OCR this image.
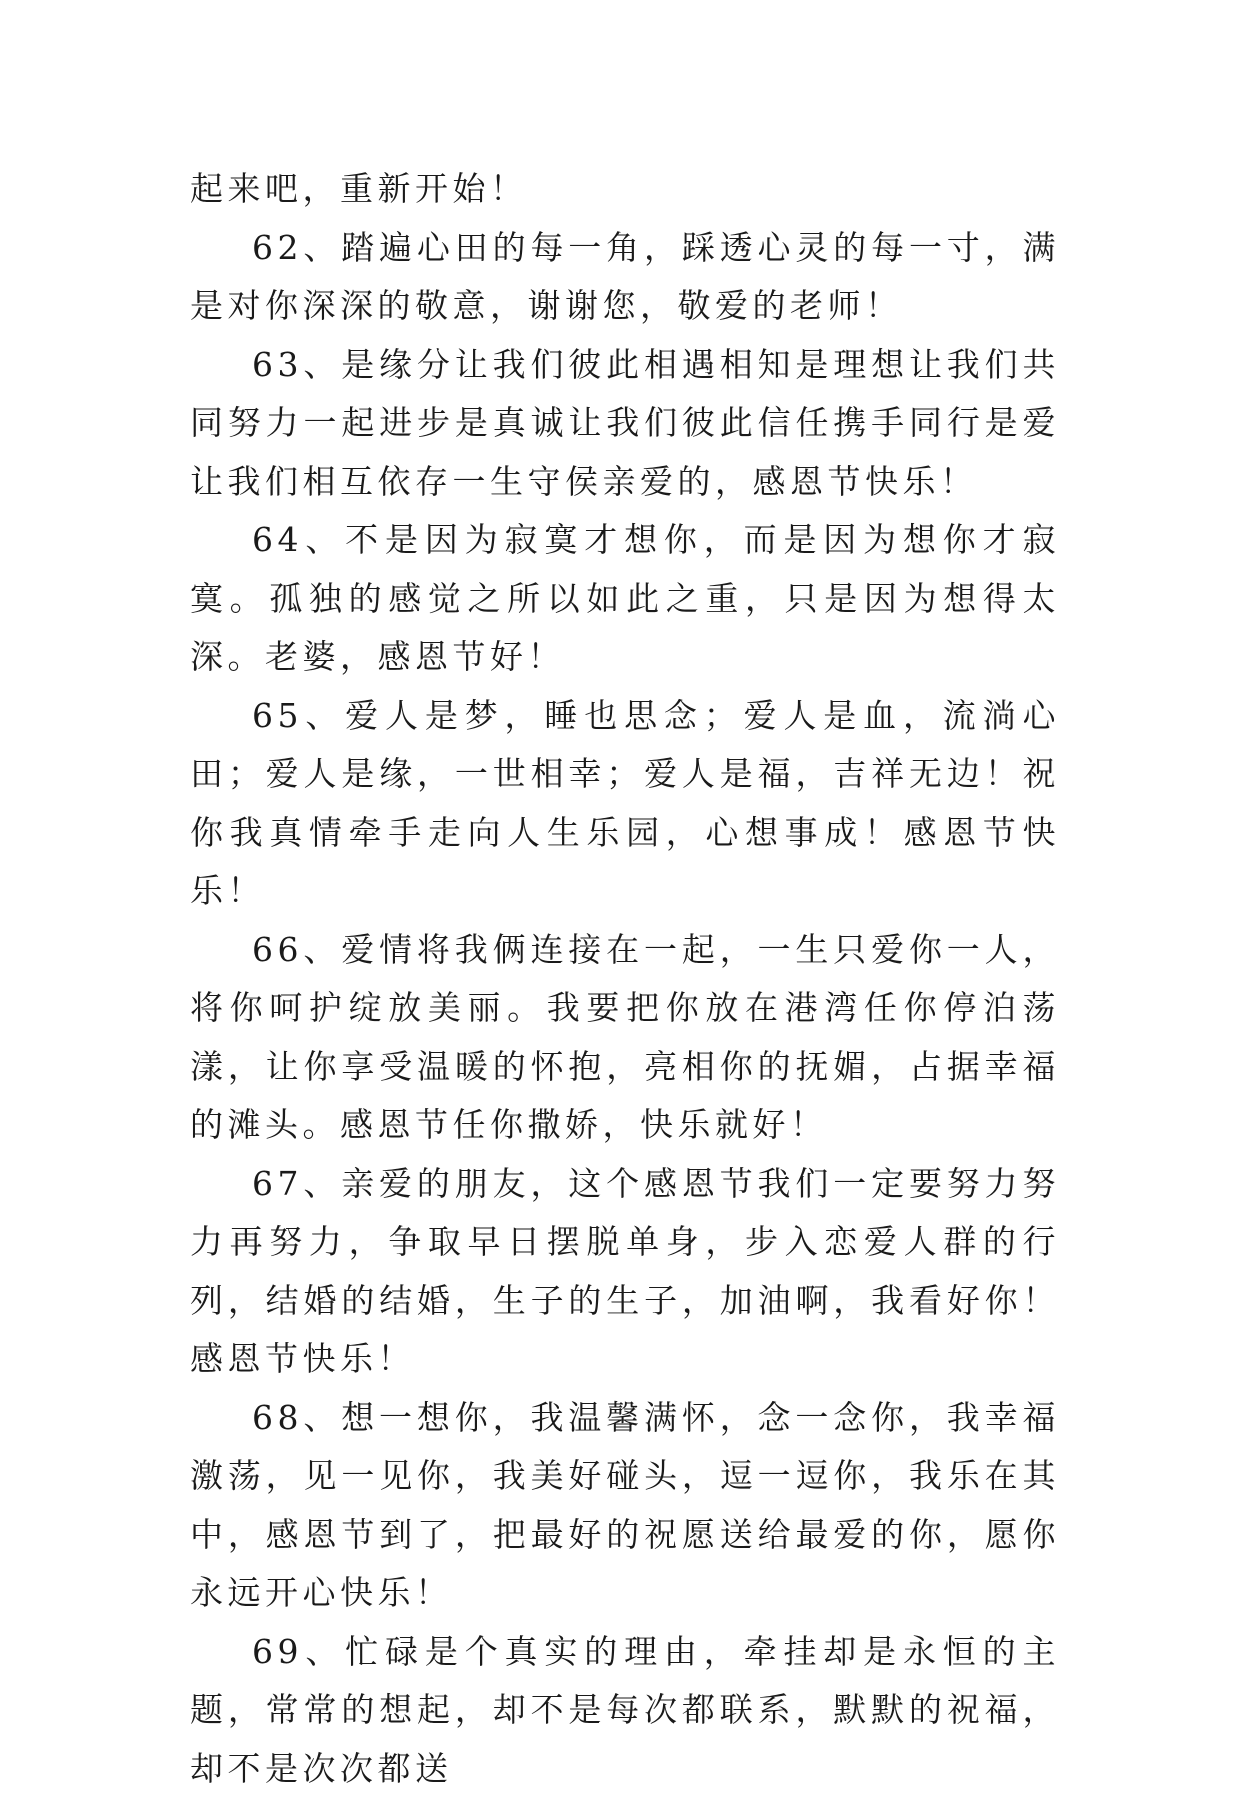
起来吧，重新开始！

62、踏遍心田的每一角，踩透心灵的每一寸，满是对你深深的敬意，谢谢您，敬爱的老师！

63、是缘分让我们彼此相遇相知是理想让我们共同努力一起进步是真诚让我们彼此信任携手同行是爱让我们相互依存一生守侯亲爱的，感恩节快乐！

64、不是因为寂寞才想你，而是因为想你才寂寞。孤独的感觉之所以如此之重，只是因为想得太深。老婆，感恩节好！

65、爱人是梦，睡也思念；爱人是血，流淌心田；爱人是缘，一世相幸；爱人是福，吉祥无边！祝你我真情牵手走向人生乐园，心想事成！感恩节快乐！

66、爱情将我俩连接在一起，一生只爱你一人，将你呵护绽放美丽。我要把你放在港湾任你停泊荡漾，让你享受温暖的怀抱，亮相你的抚媚，占据幸福的滩头。感恩节任你撒娇，快乐就好！

67、亲爱的朋友，这个感恩节我们一定要努力努力再努力，争取早日摆脱单身，步入恋爱人群的行列，结婚的结婚，生子的生子，加油啊，我看好你！感恩节快乐！

68、想一想你，我温馨满怀，念一念你，我幸福激荡，见一见你，我美好碰头，逗一逗你，我乐在其中，感恩节到了，把最好的祝愿送给最爱的你，愿你永远开心快乐！

69、忙碌是个真实的理由，牵挂却是永恒的主题，常常的想起，却不是每次都联系，默默的祝福，却不是次次都送
